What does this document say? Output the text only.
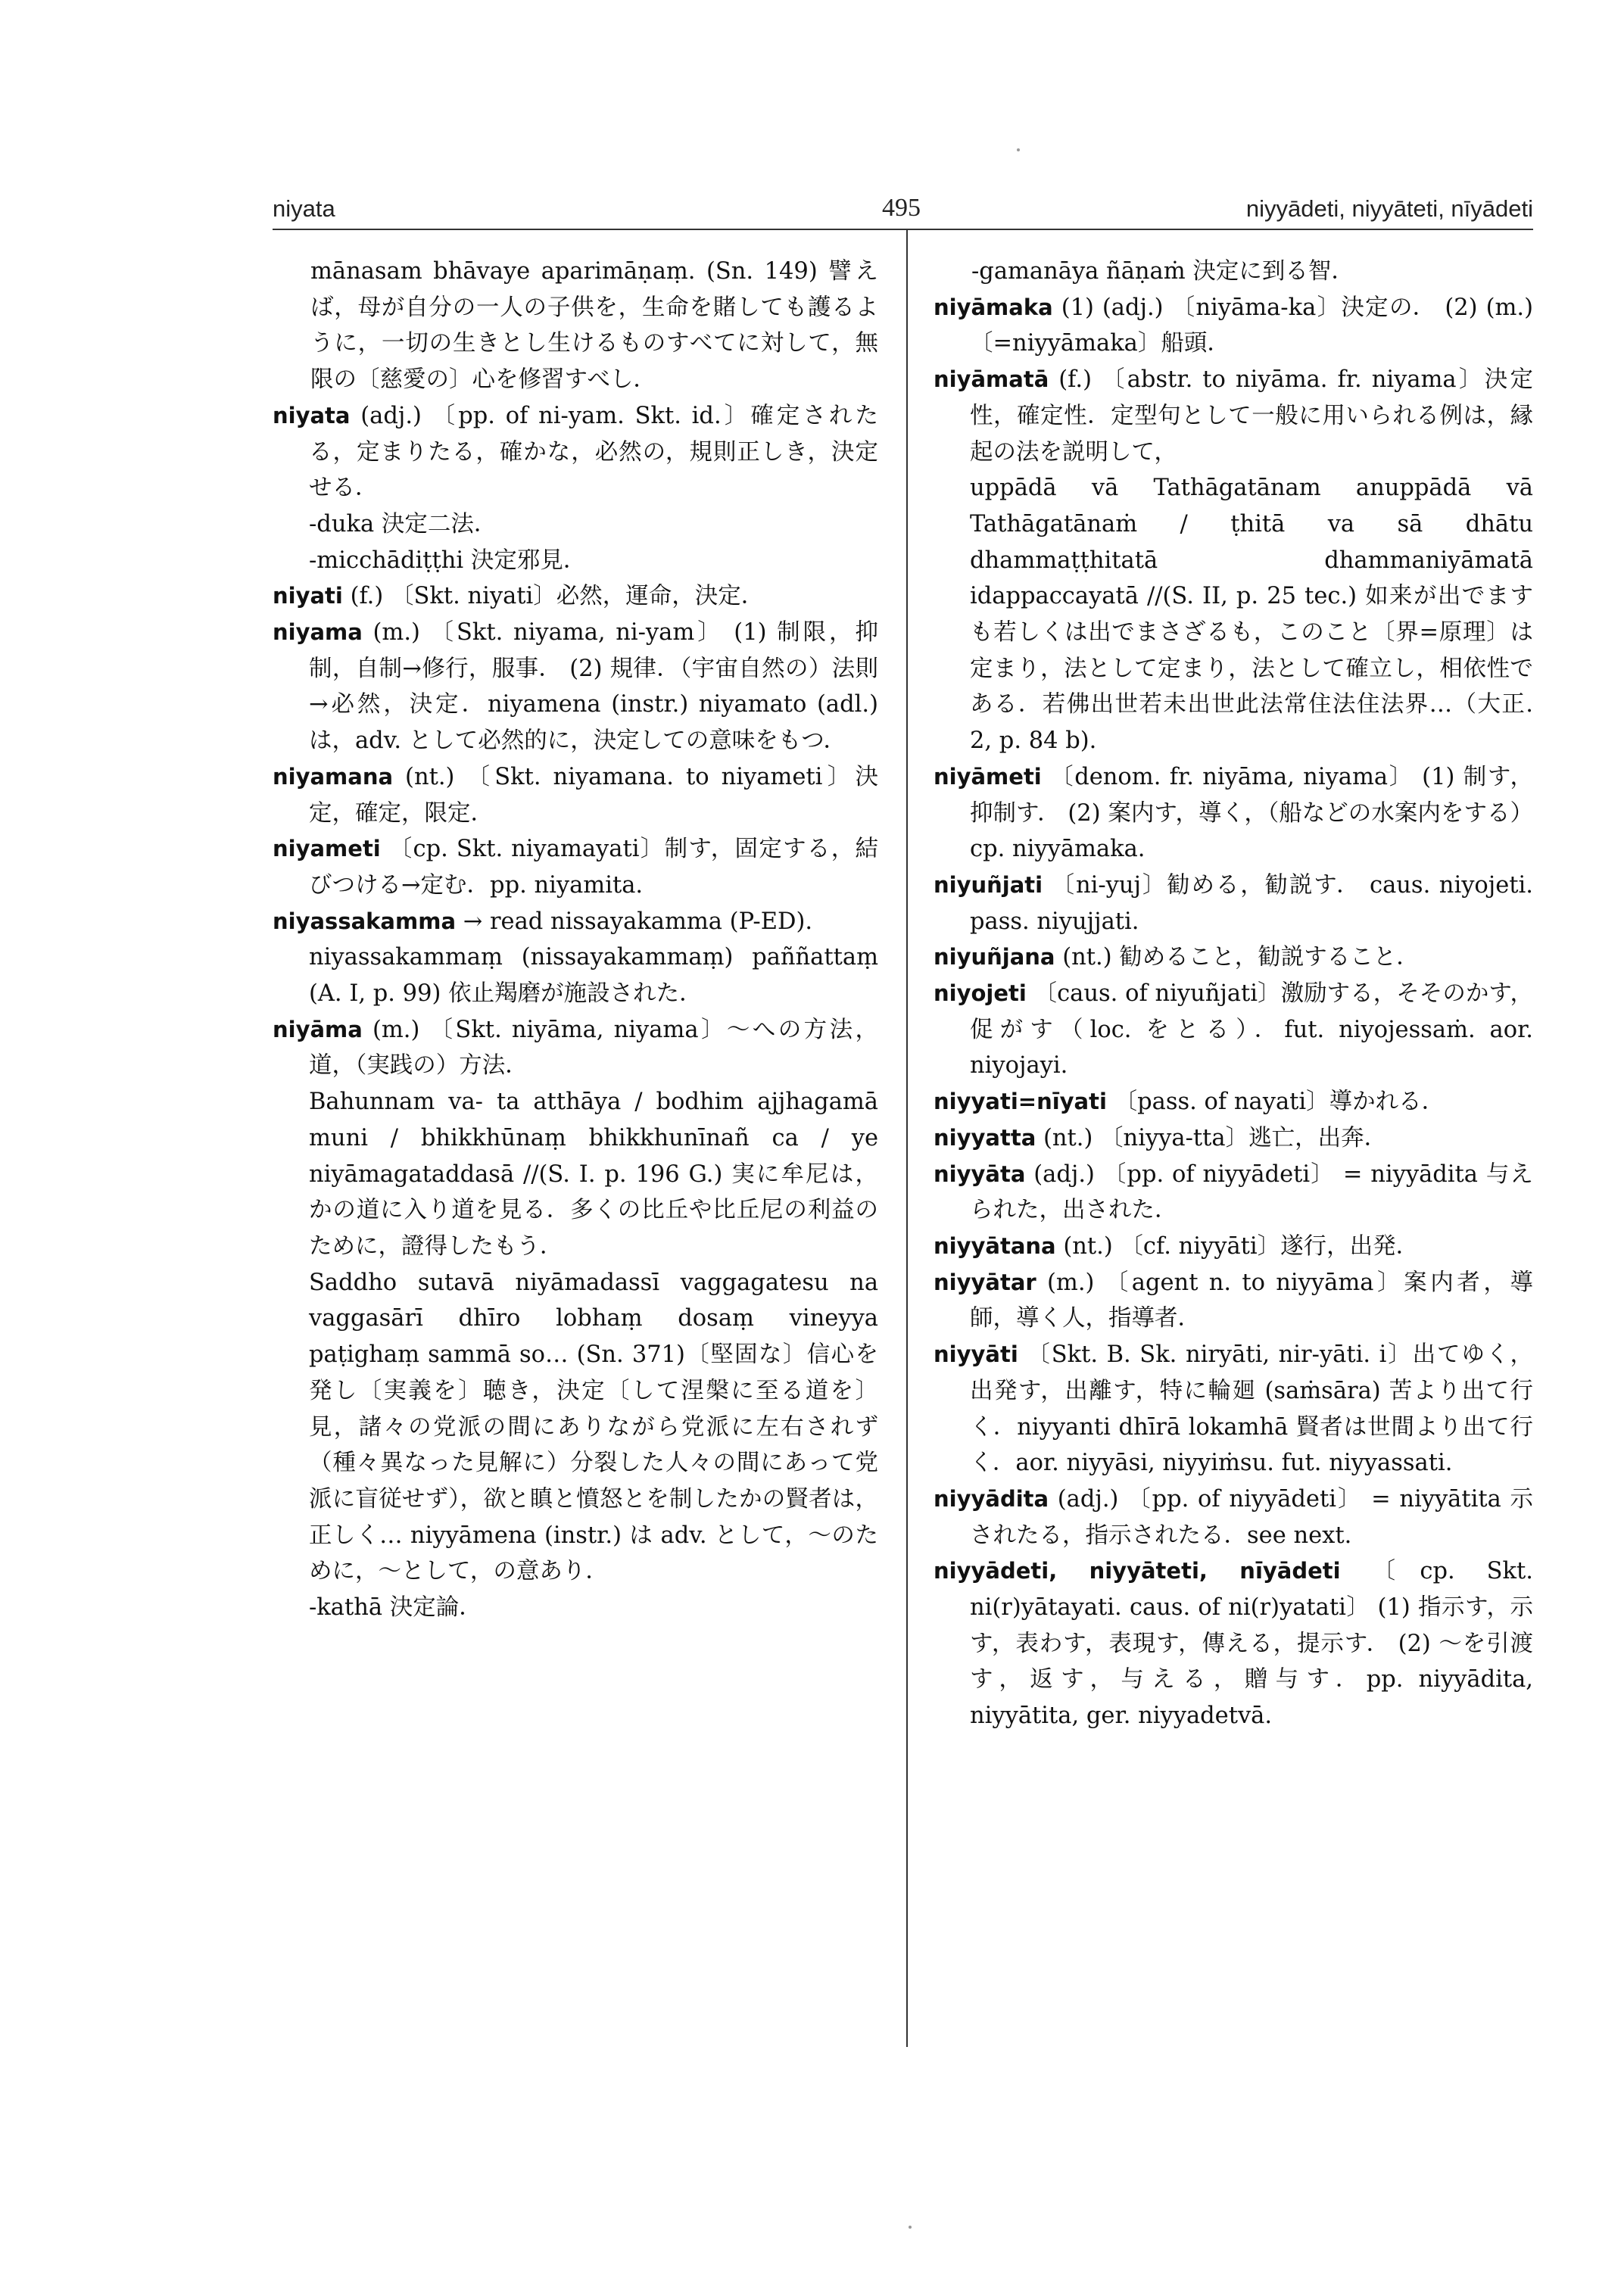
niyata	495	niyyādeti, niyyāteti, nīyādeti

mānasam bhāvaye aparimāṇaṃ. (Sn. 149) 譬えば，母が自分の一人の子供を，生命を賭しても護るように，一切の生きとし生けるものすべてに対して，無限の〔慈愛の〕心を修習すべし．

niyata (adj.) 〔pp. of ni-yam. Skt. id.〕確定されたる，定まりたる，確かな，必然の，規則正しき，決定せる．

-duka 決定二法．

-micchādiṭṭhi 決定邪見．

niyati (f.) 〔Skt. niyati〕必然，運命，決定．

niyama (m.) 〔Skt. niyama, ni-yam〕 (1) 制限，抑制，自制→修行，服事． (2) 規律．（宇宙自然の）法則→必然，決定．niyamena (instr.) niyamato (adl.) は，adv. として必然的に，決定しての意味をもつ．

niyamana (nt.) 〔Skt. niyamana. to niyameti〕決定，確定，限定．

niyameti 〔cp. Skt. niyamayati〕制す，固定する，結びつける→定む．pp. niyamita.

niyassakamma → read nissayakamma (P-ED).

niyassakammaṃ (nissayakammaṃ) paññattaṃ (A. I, p. 99) 依止羯磨が施設された．

niyāma (m.) 〔Skt. niyāma, niyama〕～への方法，道，（実践の）方法．

Bahunnam va- ta atthāya / bodhim ajjhagamā muni / bhikkhūnaṃ bhikkhunīnañ ca / ye niyāmagataddasā //(S. I. p. 196 G.) 実に牟尼は，かの道に入り道を見る．多くの比丘や比丘尼の利益のために，證得したもう．

Saddho sutavā niyāmadassī vaggagatesu na vaggasārī dhīro lobhaṃ dosaṃ vineyya paṭighaṃ sammā so… (Sn. 371)〔堅固な〕信心を発し〔実義を〕聴き，決定〔して涅槃に至る道を〕見，諸々の党派の間にありながら党派に左右されず（種々異なった見解に）分裂した人々の間にあって党派に盲従せず），欲と瞋と憤怒とを制したかの賢者は，正しく… niyyāmena (instr.) は adv. として，～のために，～として，の意あり．

-kathā 決定論．

-gamanāya ñāṇaṁ 決定に到る智．

niyāmaka (1) (adj.) 〔niyāma-ka〕決定の． (2) (m.) 〔=niyyāmaka〕船頭．

niyāmatā (f.) 〔abstr. to niyāma. fr. niyama〕決定性，確定性．定型句として一般に用いられる例は，縁起の法を説明して，

uppādā vā Tathāgatānam anuppādā vā Tathāgatānaṁ / ṭhitā va sā dhātu dhammaṭṭhitatā dhammaniyāmatā idappaccayatā //(S. II, p. 25 tec.) 如来が出でますも若しくは出でまさざるも，このこと〔界=原理〕は定まり，法として定まり，法として確立し，相依性である．若佛出世若未出世此法常住法住法界…（大正. 2, p. 84 b).

niyāmeti 〔denom. fr. niyāma, niyama〕 (1) 制す，抑制す． (2) 案内す，導く，（船などの水案内をする）cp. niyyāmaka.

niyuñjati 〔ni-yuj〕勧める，勧説す． caus. niyojeti. pass. niyujjati.

niyuñjana (nt.) 勧めること，勧説すること．

niyojeti 〔caus. of niyuñjati〕激励する，そそのかす，促がす（loc. をとる）．fut. niyojessaṁ. aor. niyojayi.

niyyati=nīyati 〔pass. of nayati〕導かれる．

niyyatta (nt.) 〔niyya-tta〕逃亡，出奔．

niyyāta (adj.) 〔pp. of niyyādeti〕 = niyyādita 与えられた，出された．

niyyātana (nt.) 〔cf. niyyāti〕遂行，出発．

niyyātar (m.) 〔agent n. to niyyāma〕案内者，導師，導く人，指導者．

niyyāti 〔Skt. B. Sk. niryāti, nir-yāti. i〕出てゆく，出発す，出離す，特に輪廻 (saṁsāra) 苦より出て行く．niyyanti dhīrā lokamhā 賢者は世間より出て行く．aor. niyyāsi, niyyiṁsu. fut. niyyassati.

niyyādita (adj.) 〔pp. of niyyādeti〕 = niyyātita 示されたる，指示されたる．see next.

niyyādeti, niyyāteti, nīyādeti 〔cp. Skt. ni(r)yātayati. caus. of ni(r)yatati〕 (1) 指示す，示す，表わす，表現す，傳える，提示す． (2) ～を引渡す，返す，与える，贈与す．pp. niyyādita, niyyātita, ger. niyyadetvā.
